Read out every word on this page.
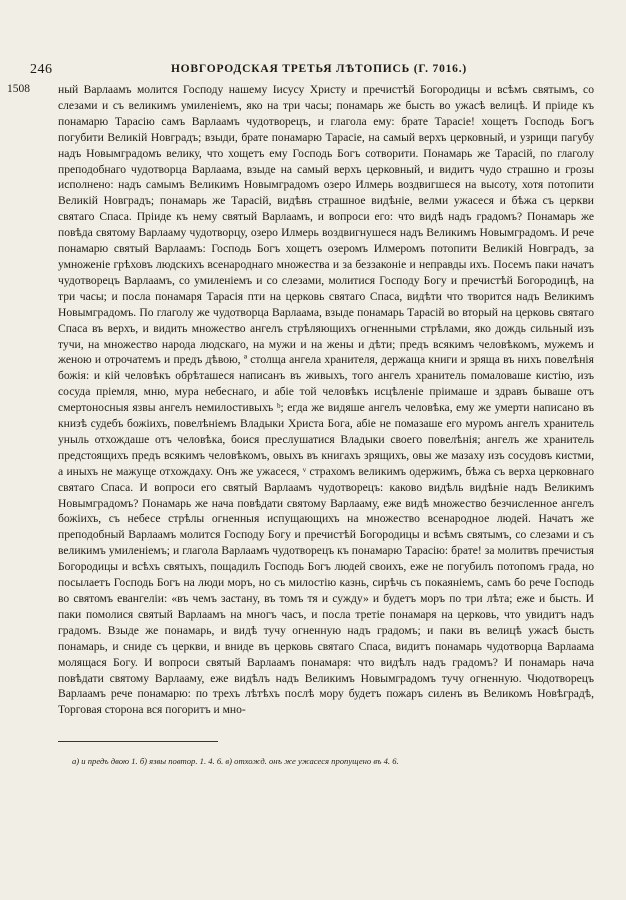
246	НОВГОРОДСКАЯ ТРЕТЬЯ ЛѢТОПИСЬ (Г. 7016.)
1508 ный Варлаамъ молится Господу нашему Iисусу Христу и пречистѣй Богородицы и всѣмъ святымъ, со слезами и съ великимъ умиленiемъ, яко на три часы; понамарь же бысть во ужасѣ велицѣ. И прiиде къ понамарю Тарасiю самъ Варлаамъ чудотворецъ, и глагола ему: брате Тарасiе! хощетъ Господь Богъ погубити Великiй Новградъ; взыди, брате понамарю Тарасiе, на самый верхъ церковный, и узрищи пагубу надъ Новымградомъ велику, что хощетъ ему Господь Богъ сотворити. Понамарь же Тарасiй, по глаголу преподобнаго чудотворца Варлаама, взыде на самый верхъ церковный, и видитъ чудо страшно и грозы исполнено: надъ самымъ Великимъ Новымградомъ озеро Илмерь воздвигшеся на высоту, хотя потопити Великiй Новградъ; понамарь же Тарасiй, видѣвъ страшное видѣнiе, велми ужасеся и бѣжа съ церкви святаго Спаса. Прiиде къ нему святый Варлаамъ, и вопроси его: что видѣ надъ градомъ? Понамарь же повѣда святому Варлааму чудотворцу, озеро Илмерь воздвигнушеся надъ Великимъ Новымградомъ. И рече понамарю святый Варлаамъ: Господь Богъ хощетъ озеромъ Илмеромъ потопити Великiй Новградъ, за умноженiе грѣховъ людскихъ всенароднаго множества и за беззаконiе и неправды ихъ. Посемъ паки начатъ чудотворецъ Варлаамъ, со умиленiемъ и со слезами, молитися Господу Богу и пречистѣй Богородицѣ, на три часы; и посла понамаря Тарасiя пти на церковь святаго Спаса, видѣти что творится надъ Великимъ Новымградомъ. По глаголу же чудотворца Варлаама, взыде понамарь Тарасiй во вторый на церковь святаго Спаса въ верхъ, и видить множество ангелъ стрѣляющихъ огненными стрѣлами, яко дождь сильный изъ тучи, на множество народа людскаго, на мужи и на жены и дѣти; предъ всякимъ человѣкомъ, мужемъ и женою и отрочатемъ и предъ дѣвою, ª столща ангела хранителя, держаща книги и зряща въ нихъ повелѣнiя божiя: и кiй человѣкъ обрѣташеся написанъ въ живыхъ, того ангелъ хранитель помаловаше кистiю, изъ сосуда прiемля, мню, мура небеснаго, и абiе той человѣкъ исцѣленiе прiимаше и здравъ бываше отъ смертоносныя язвы ангелъ немилостивыхъ ᵇ; егда же видяше ангелъ человѣка, ему же умерти написано въ книзѣ судебъ божiихъ, повелѣнiемъ Владыки Христа Бога, абiе не помазаше его муромъ ангелъ хранитель уныль отхождаше отъ человѣка, боися преслушатися Владыки своего повелѣнiя; ангелъ же хранитель предстоящихъ предъ всякимъ человѣкомъ, овыхъ въ книгахъ зрящихъ, овы же мазаху изъ сосудовъ кистми, а иныхъ не мажуще отхождаху. Онъ же ужасеся, ᵛ страхомъ великимъ одержимъ, бѣжа съ верха церковнаго святаго Спаса. И вопроси его святый Варлаамъ чудотворецъ: каково видѣль видѣнiе надъ Великимъ Новымградомъ? Понамарь же нача повѣдати святому Варлааму, еже видѣ множество безчисленное ангелъ божiихъ, съ небесе стрѣлы огненныя испущающихъ на множество всенародное людей. Начатъ же преподобный Варлаамъ молится Господу Богу и пречистѣй Богородицы и всѣмъ святымъ, со слезами и съ великимъ умиленiемъ; и глагола Варлаамъ чудотворецъ къ понамарю Тарасiю: брате! за молитвъ пречистыя Богородицы и всѣхъ святыхъ, пощадилъ Господь Богъ людей своихъ, еже не погубилъ потопомъ града, но посылаетъ Господь Богъ на люди моръ, но съ милостiю казнь, сирѣчь съ покаянiемъ, самъ бо рече Господь во святомъ евангелiи: «въ чемъ застану, въ томъ тя и сужду» и будетъ моръ по три лѣта; еже и бысть. И паки помолися святый Варлаамъ на многъ часъ, и посла третiе понамаря на церковь, что увидитъ надъ градомъ. Взыде же понамарь, и видѣ тучу огненную надъ градомъ; и паки въ велицѣ ужасѣ бысть понамарь, и сниде съ церкви, и вниде въ церковь святаго Спаса, видитъ понамарь чудотворца Варлаама молящася Богу. И вопроси святый Варлаамъ понамаря: что видѣлъ надъ градомъ? И понамарь нача повѣдати святому Варлааму, еже видѣлъ надъ Великимъ Новымградомъ тучу огненную. Чюдотворецъ Варлаамъ рече понамарю: по трехъ лѣтѣхъ послѣ мору будетъ пожаръ силенъ въ Великомъ Новѣградѣ, Торговая сторона вся погоритъ и мно-

а) и предъ двою 1. б) язвы повтор. 1. 4. 6. в) отхожд. онъ же ужасеся пропущено въ 4. 6.
